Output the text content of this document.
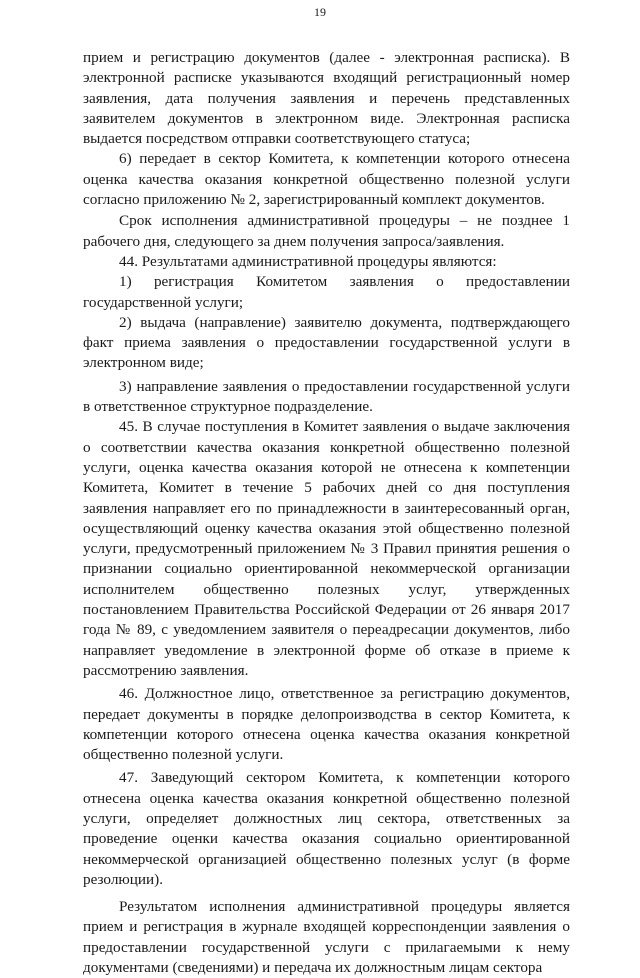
19

прием и регистрацию документов (далее - электронная расписка). В электронной расписке указываются входящий регистрационный номер заявления, дата получения заявления и перечень представленных заявителем документов в электронном виде. Электронная расписка выдается посредством отправки соответствующего статуса;

6) передает в сектор Комитета, к компетенции которого отнесена оценка качества оказания конкретной общественно полезной услуги согласно приложению № 2, зарегистрированный комплект документов.

Срок исполнения административной процедуры – не позднее 1 рабочего дня, следующего за днем получения запроса/заявления.

44. Результатами административной процедуры являются:

1) регистрация Комитетом заявления о предоставлении государственной услуги;

2) выдача (направление) заявителю документа, подтверждающего факт приема заявления о предоставлении государственной услуги в электронном виде;

3) направление заявления о предоставлении государственной услуги в ответственное структурное подразделение.

45. В случае поступления в Комитет заявления о выдаче заключения о соответствии качества оказания конкретной общественно полезной услуги, оценка качества оказания которой не отнесена к компетенции Комитета, Комитет в течение 5 рабочих дней со дня поступления заявления направляет его по принадлежности в заинтересованный орган, осуществляющий оценку качества оказания этой общественно полезной услуги, предусмотренный приложением № 3 Правил принятия решения о признании социально ориентированной некоммерческой организации исполнителем общественно полезных услуг, утвержденных постановлением Правительства Российской Федерации от 26 января 2017 года № 89, с уведомлением заявителя о переадресации документов, либо направляет уведомление в электронной форме об отказе в приеме к рассмотрению заявления.

46. Должностное лицо, ответственное за регистрацию документов, передает документы в порядке делопроизводства в сектор Комитета, к компетенции которого отнесена оценка качества оказания конкретной общественно полезной услуги.

47. Заведующий сектором Комитета, к компетенции которого отнесена оценка качества оказания конкретной общественно полезной услуги, определяет должностных лиц сектора, ответственных за проведение оценки качества оказания социально ориентированной некоммерческой организацией общественно полезных услуг (в форме резолюции).

Результатом исполнения административной процедуры является прием и регистрация в журнале входящей корреспонденции заявления о предоставлении государственной услуги с прилагаемыми к нему документами (сведениями) и передача их должностным лицам сектора
